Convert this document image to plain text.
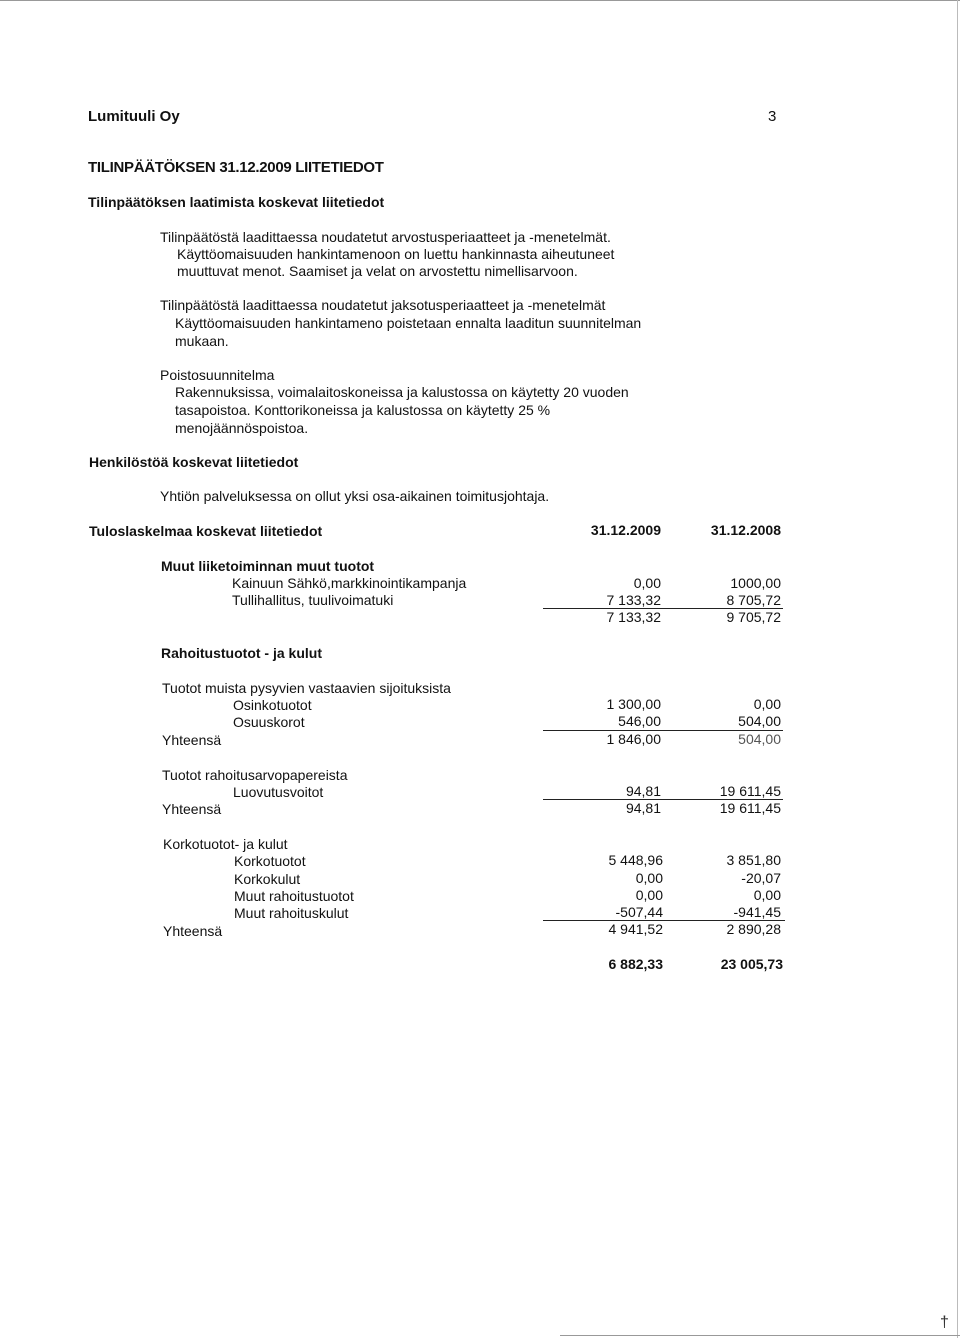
Lumituuli Oy	3
TILINPÄÄTÖKSEN 31.12.2009 LIITETIEDOT
Tilinpäätöksen laatimista koskevat liitetiedot
Tilinpäätöstä laadittaessa noudatetut arvostusperiaatteet ja -menetelmät.
Käyttöomaisuuden hankintamenoon on luettu hankinnasta aiheutuneet
muuttuvat menot. Saamiset ja velat on arvostettu nimellisarvoon.
Tilinpäätöstä laadittaessa noudatetut jaksotusperiaatteet ja -menetelmät
Käyttöomaisuuden hankintameno poistetaan ennalta laaditun suunnitelman
mukaan.
Poistosuunnitelma
Rakennuksissa, voimalaitoskoneissa ja kalustossa on käytetty 20 vuoden
tasapoistoa. Konttorikoneissa ja kalustossa on käytetty 25 %
menojäännöspoistoa.
Henkilöstöä koskevat liitetiedot
Yhtiön palveluksessa on ollut yksi osa-aikainen toimitusjohtaja.
Tuloslaskelmaa koskevat liitetiedot	31.12.2009	31.12.2008
Muut liiketoiminnan muut tuotot
Kainuun Sähkö,markkinointikampanja	0,00	1000,00
Tullihallitus, tuulivoimatuki	7 133,32	8 705,72
7 133,32	9 705,72
Rahoitustuotot - ja kulut
Tuotot muista pysyvien vastaavien sijoituksista
Osinkotuotot	1 300,00	0,00
Osuuskorot	546,00	504,00
Yhteensä	1 846,00	504,00
Tuotot rahoitusarvopapereista
Luovutusvoitot	94,81	19 611,45
Yhteensä	94,81	19 611,45
Korkotuotot- ja kulut
Korkotuotot	5 448,96	3 851,80
Korkokulut	0,00	-20,07
Muut rahoitustuotot	0,00	0,00
Muut rahoituskulut	-507,44	-941,45
Yhteensä	4 941,52	2 890,28
6 882,33	23 005,73
†
